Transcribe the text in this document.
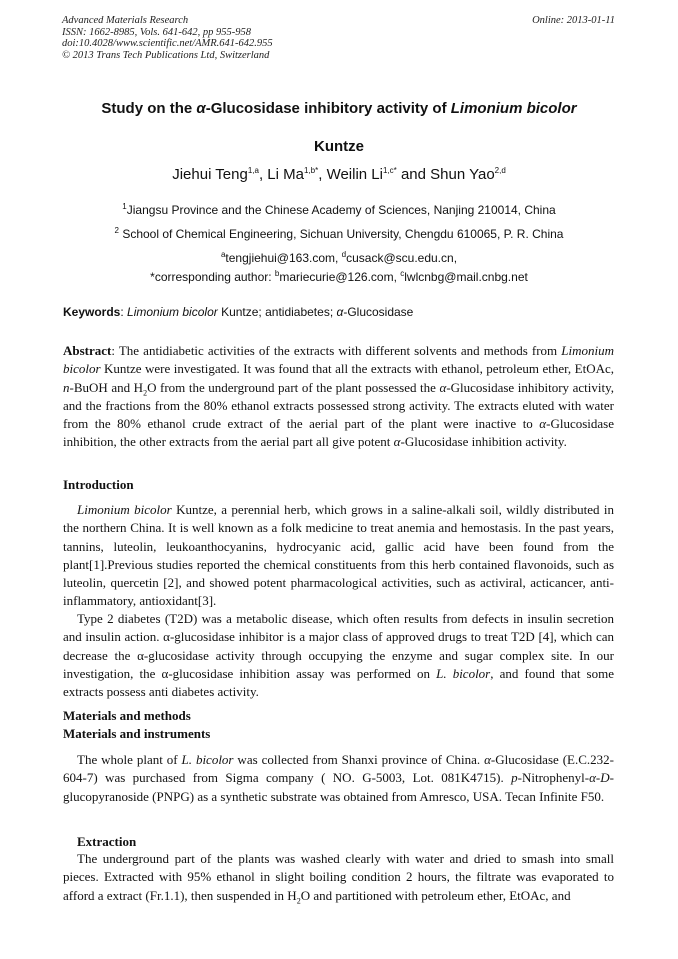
Advanced Materials Research
ISSN: 1662-8985, Vols. 641-642, pp 955-958
doi:10.4028/www.scientific.net/AMR.641-642.955
© 2013 Trans Tech Publications Ltd, Switzerland
Online: 2013-01-11
Study on the α-Glucosidase inhibitory activity of Limonium bicolor
Kuntze
Jiehui Teng$^{1,a}$, Li $Ma^{1,b*}$, Weilin $Li^{1,c*}$ and Shun Yao$^{2,d}$
$^1$Jiangsu Province and the Chinese Academy of Sciences, Nanjing 210014, China
$^2$ School of Chemical Engineering, Sichuan University, Chengdu 610065, P. R. China
$^a$tengjiehui@163.com, $^d$cusack@scu.edu.cn,
*corresponding author: $^b$mariecurie@126.com, $^c$lwlcnbg@mail.cnbg.net
Keywords: Limonium bicolor Kuntze; antidiabetes; α-Glucosidase

Abstract: The antidiabetic activities of the extracts with different solvents and methods from Limonium bicolor Kuntze were investigated. It was found that all the extracts with ethanol, petroleum ether, EtOAc, n-BuOH and $H_2O$ from the underground part of the plant possessed the α-Glucosidase inhibitory activity, and the fractions from the 80% ethanol extracts possessed strong activity. The extracts eluted with water from the 80% ethanol crude extract of the aerial part of the plant were inactive to α-Glucosidase inhibition, the other extracts from the aerial part all give potent α-Glucosidase inhibition activity.

Introduction

Limonium bicolor Kuntze, a perennial herb, which grows in a saline-alkali soil, wildly distributed in the northern China. It is well known as a folk medicine to treat anemia and hemostasis. In the past years, tannins, luteolin, leukoanthocyanins, hydrocyanic acid, gallic acid have been found from the plant[1].Previous studies reported the chemical constituents from this herb contained flavonoids, such as luteolin, quercetin [2], and showed potent pharmacological activities, such as activiral, acticancer, anti-inflammatory, antioxidant[3].

Type 2 diabetes (T2D) was a metabolic disease, which often results from defects in insulin secretion and insulin action. α-glucosidase inhibitor is a major class of approved drugs to treat T2D [4], which can decrease the α-glucosidase activity through occupying the enzyme and sugar complex site. In our investigation, the α-glucosidase inhibition assay was performed on L. bicolor, and found that some extracts possess anti diabetes activity.

Materials and methods
Materials and instruments

The whole plant of L. bicolor was collected from Shanxi province of China. α-Glucosidase (E.C.232-604-7) was purchased from Sigma company ( NO. G-5003, Lot. 081K4715). p-Nitrophenyl-α-D-glucopyranoside (PNPG) as a synthetic substrate was obtained from Amresco, USA. Tecan Infinite F50.

Extraction

The underground part of the plants was washed clearly with water and dried to smash into small pieces. Extracted with 95% ethanol in slight boiling condition 2 hours, the filtrate was evaporated to afford a extract (Fr.1.1), then suspended in $H_2O$ and partitioned with petroleum ether, EtOAc, and
